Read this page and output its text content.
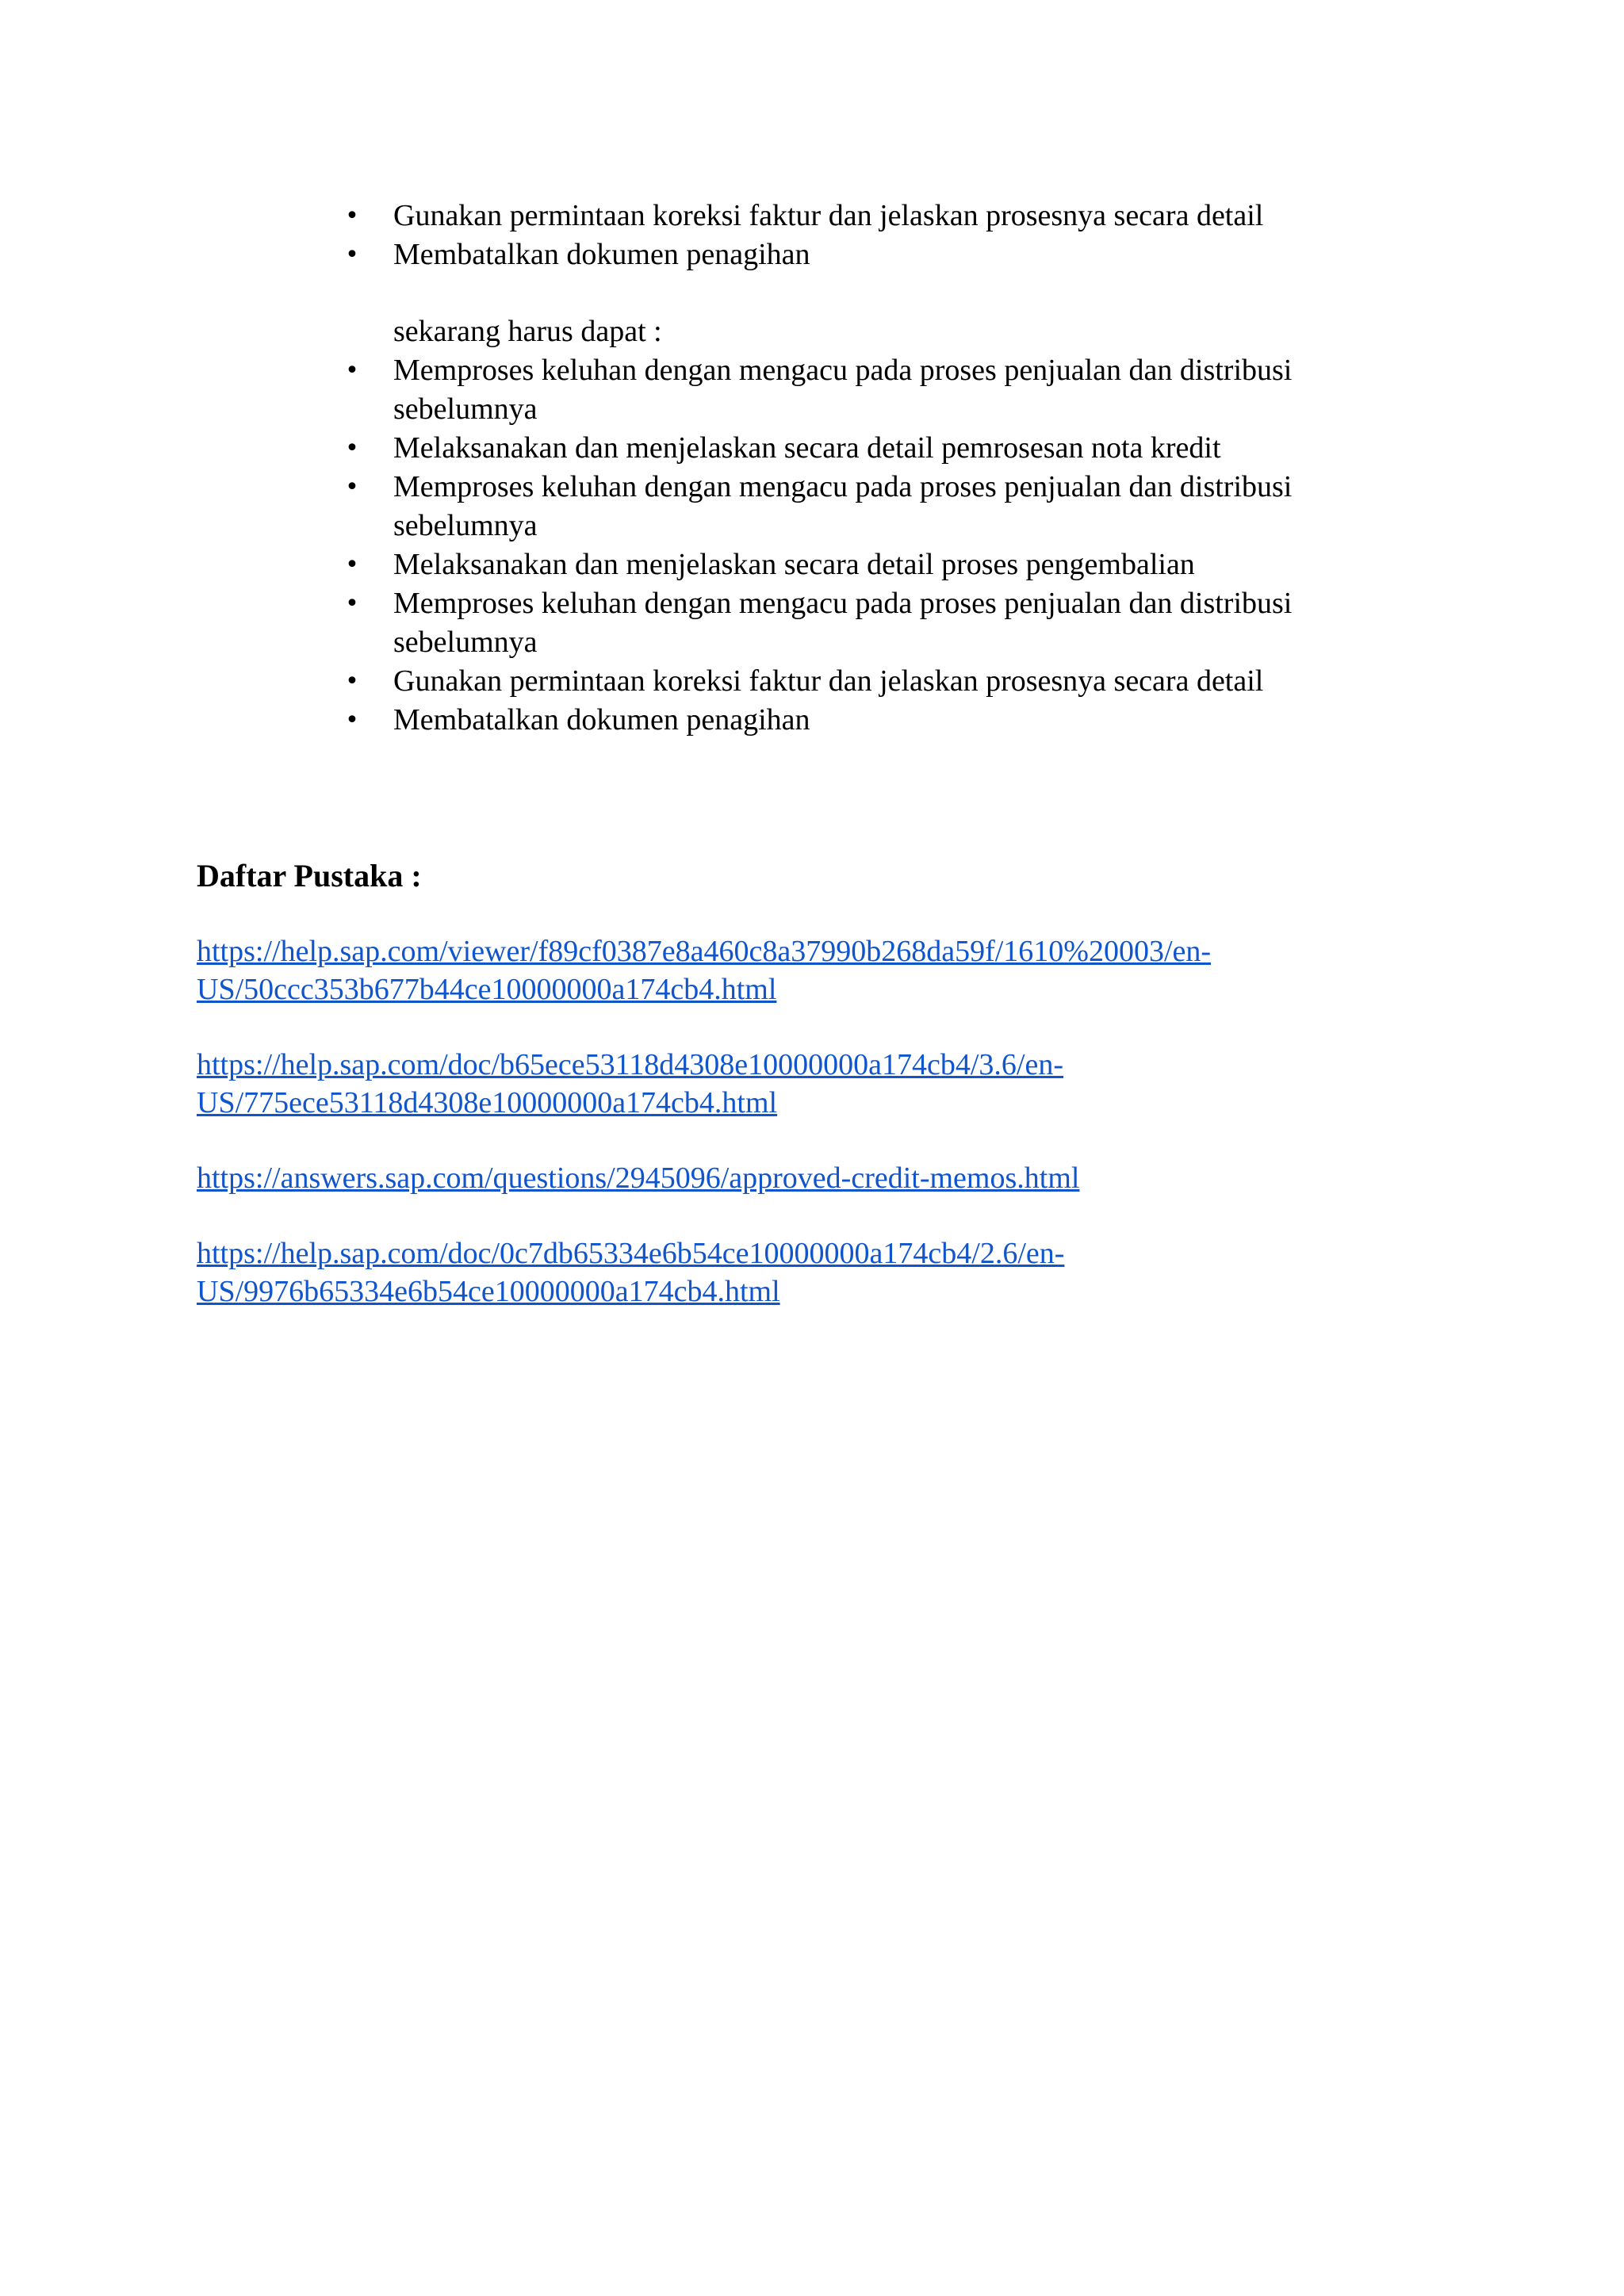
• Gunakan permintaan koreksi faktur dan jelaskan prosesnya secara detail
• Membatalkan dokumen penagihan
sekarang harus dapat :
• Memproses keluhan dengan mengacu pada proses penjualan dan distribusi
sebelumnya
• Melaksanakan dan menjelaskan secara detail pemrosesan nota kredit
• Memproses keluhan dengan mengacu pada proses penjualan dan distribusi
sebelumnya
• Melaksanakan dan menjelaskan secara detail proses pengembalian
• Memproses keluhan dengan mengacu pada proses penjualan dan distribusi
sebelumnya
• Gunakan permintaan koreksi faktur dan jelaskan prosesnya secara detail
• Membatalkan dokumen penagihan
Daftar Pustaka :
https://help.sap.com/viewer/f89cf0387e8a460c8a37990b268da59f/1610%20003/en-
US/50ccc353b677b44ce10000000a174cb4.html
https://help.sap.com/doc/b65ece53118d4308e10000000a174cb4/3.6/en-
US/775ece53118d4308e10000000a174cb4.html
https://answers.sap.com/questions/2945096/approved-credit-memos.html
https://help.sap.com/doc/0c7db65334e6b54ce10000000a174cb4/2.6/en-
US/9976b65334e6b54ce10000000a174cb4.html
